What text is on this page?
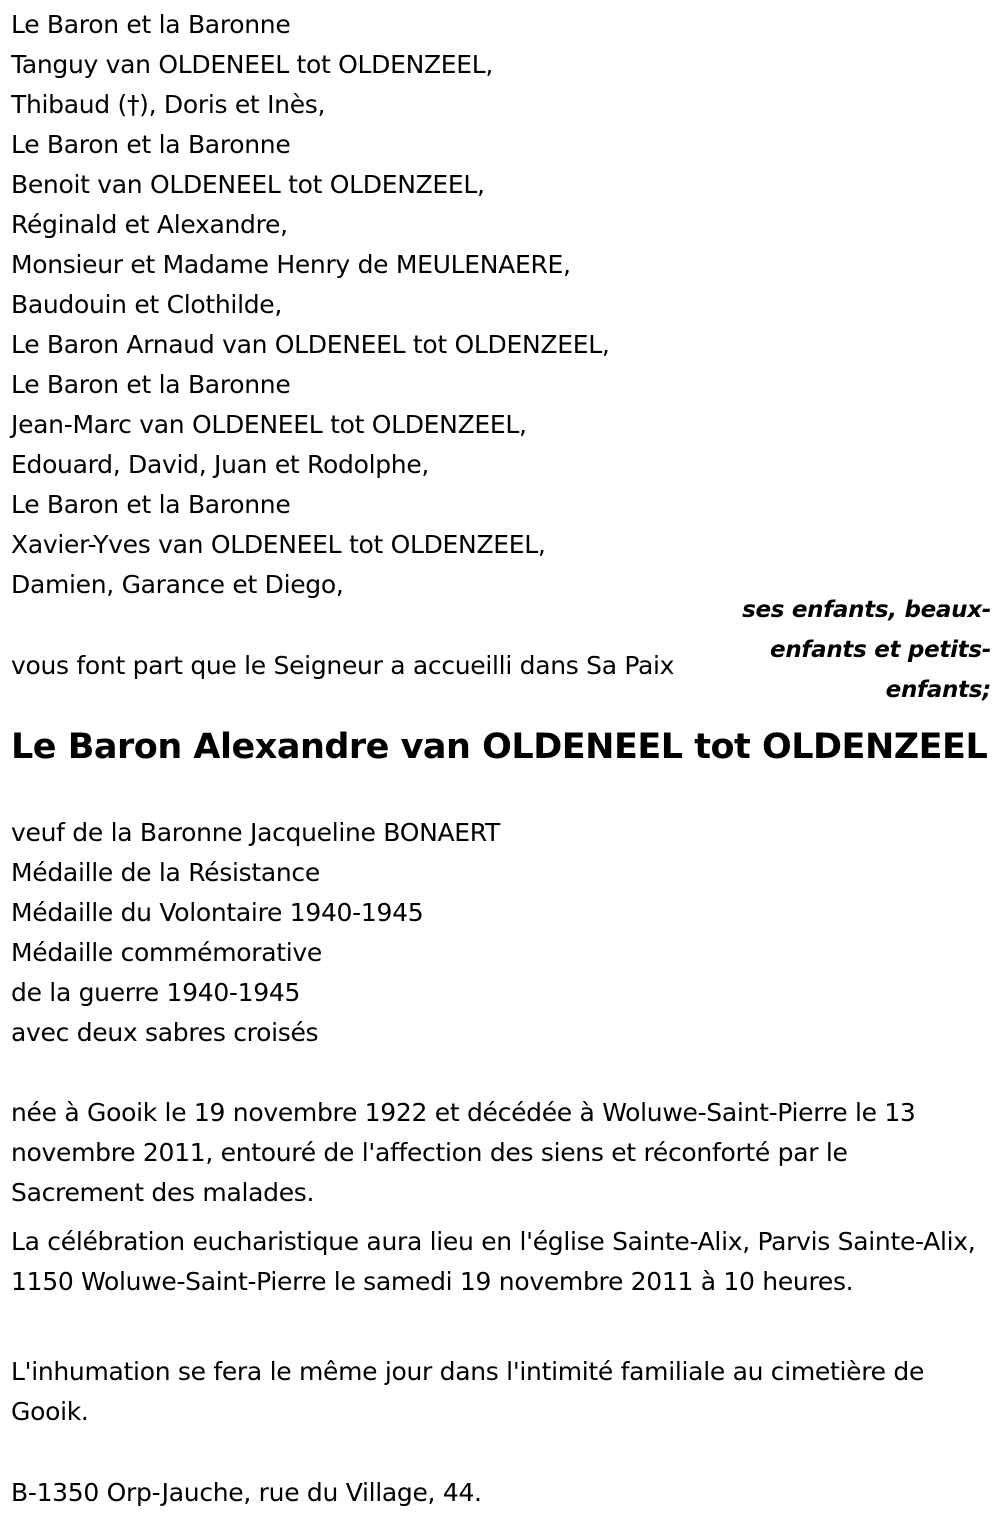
Le Baron et la Baronne
Tanguy van OLDENEEL tot OLDENZEEL,
Thibaud (†), Doris et Inès,
Le Baron et la Baronne
Benoit van OLDENEEL tot OLDENZEEL,
Réginald et Alexandre,
Monsieur et Madame Henry de MEULENAERE,
Baudouin et Clothilde,
Le Baron Arnaud van OLDENEEL tot OLDENZEEL,
Le Baron et la Baronne
Jean-Marc van OLDENEEL tot OLDENZEEL,
Edouard, David, Juan et Rodolphe,
Le Baron et la Baronne
Xavier-Yves van OLDENEEL tot OLDENZEEL,
Damien, Garance et Diego,
vous font part que le Seigneur a accueilli dans Sa Paix
ses enfants, beaux-enfants et petits-enfants;
Le Baron Alexandre van OLDENEEL tot OLDENZEEL
veuf de la Baronne Jacqueline BONAERT
Médaille de la Résistance
Médaille du Volontaire 1940-1945
Médaille commémorative
de la guerre 1940-1945
avec deux sabres croisés

née à Gooik le 19 novembre 1922 et décédée à Woluwe-Saint-Pierre le 13 novembre 2011, entouré de l'affection des siens et réconforté par le Sacrement des malades.

La célébration eucharistique aura lieu en l'église Sainte-Alix, Parvis Sainte-Alix, 1150 Woluwe-Saint-Pierre le samedi 19 novembre 2011 à 10 heures.

L'inhumation se fera le même jour dans l'intimité familiale au cimetière de Gooik.

B-1350 Orp-Jauche, rue du Village, 44.
